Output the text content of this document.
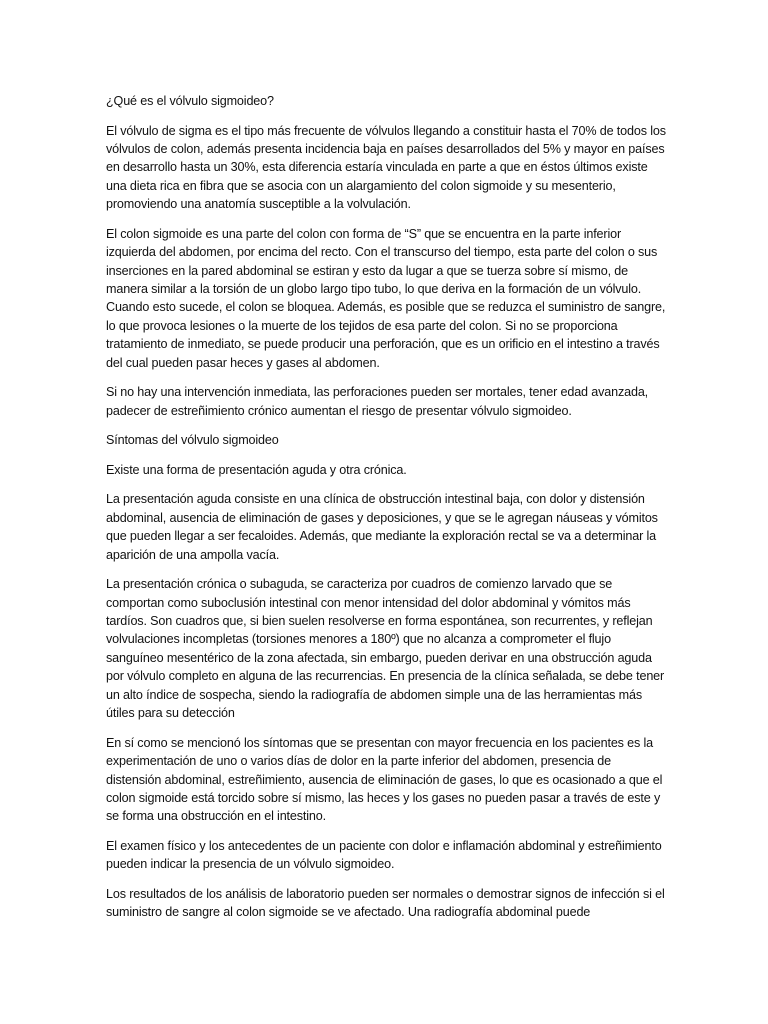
¿Qué es el vólvulo sigmoideo?

El vólvulo de sigma es el tipo más frecuente de vólvulos llegando a constituir hasta el 70% de todos los vólvulos de colon, además presenta incidencia baja en países desarrollados del 5% y mayor en países en desarrollo hasta un 30%, esta diferencia estaría vinculada en parte a que en éstos últimos existe una dieta rica en fibra que se asocia con un alargamiento del colon sigmoide y su mesenterio, promoviendo una anatomía susceptible a la volvulación.

El colon sigmoide es una parte del colon con forma de “S” que se encuentra en la parte inferior izquierda del abdomen, por encima del recto. Con el transcurso del tiempo, esta parte del colon o sus inserciones en la pared abdominal se estiran y esto da lugar a que se tuerza sobre sí mismo, de manera similar a la torsión de un globo largo tipo tubo, lo que deriva en la formación de un vólvulo. Cuando esto sucede, el colon se bloquea. Además, es posible que se reduzca el suministro de sangre, lo que provoca lesiones o la muerte de los tejidos de esa parte del colon. Si no se proporciona tratamiento de inmediato, se puede producir una perforación, que es un orificio en el intestino a través del cual pueden pasar heces y gases al abdomen.

Si no hay una intervención inmediata, las perforaciones pueden ser mortales, tener edad avanzada, padecer de estreñimiento crónico aumentan el riesgo de presentar vólvulo sigmoideo.

Síntomas del vólvulo sigmoideo

Existe una forma de presentación aguda y otra crónica.

La presentación aguda consiste en una clínica de obstrucción intestinal baja, con dolor y distensión abdominal, ausencia de eliminación de gases y deposiciones, y que se le agregan náuseas y vómitos que pueden llegar a ser fecaloides. Además, que mediante la exploración rectal se va a determinar la aparición de una ampolla vacía.

La presentación crónica o subaguda, se caracteriza por cuadros de comienzo larvado que se comportan como suboclusión intestinal con menor intensidad del dolor abdominal y vómitos más tardíos. Son cuadros que, si bien suelen resolverse en forma espontánea, son recurrentes, y reflejan volvulaciones incompletas (torsiones menores a 180º) que no alcanza a comprometer el flujo sanguíneo mesentérico de la zona afectada, sin embargo, pueden derivar en una obstrucción aguda por vólvulo completo en alguna de las recurrencias. En presencia de la clínica señalada, se debe tener un alto índice de sospecha, siendo la radiografía de abdomen simple una de las herramientas más útiles para su detección

En sí como se mencionó los síntomas que se presentan con mayor frecuencia en los pacientes es la experimentación de uno o varios días de dolor en la parte inferior del abdomen, presencia de distensión abdominal, estreñimiento, ausencia de eliminación de gases, lo que es ocasionado a que el colon sigmoide está torcido sobre sí mismo, las heces y los gases no pueden pasar a través de este y se forma una obstrucción en el intestino.

El examen físico y los antecedentes de un paciente con dolor e inflamación abdominal y estreñimiento pueden indicar la presencia de un vólvulo sigmoideo.

Los resultados de los análisis de laboratorio pueden ser normales o demostrar signos de infección si el suministro de sangre al colon sigmoide se ve afectado. Una radiografía abdominal puede
